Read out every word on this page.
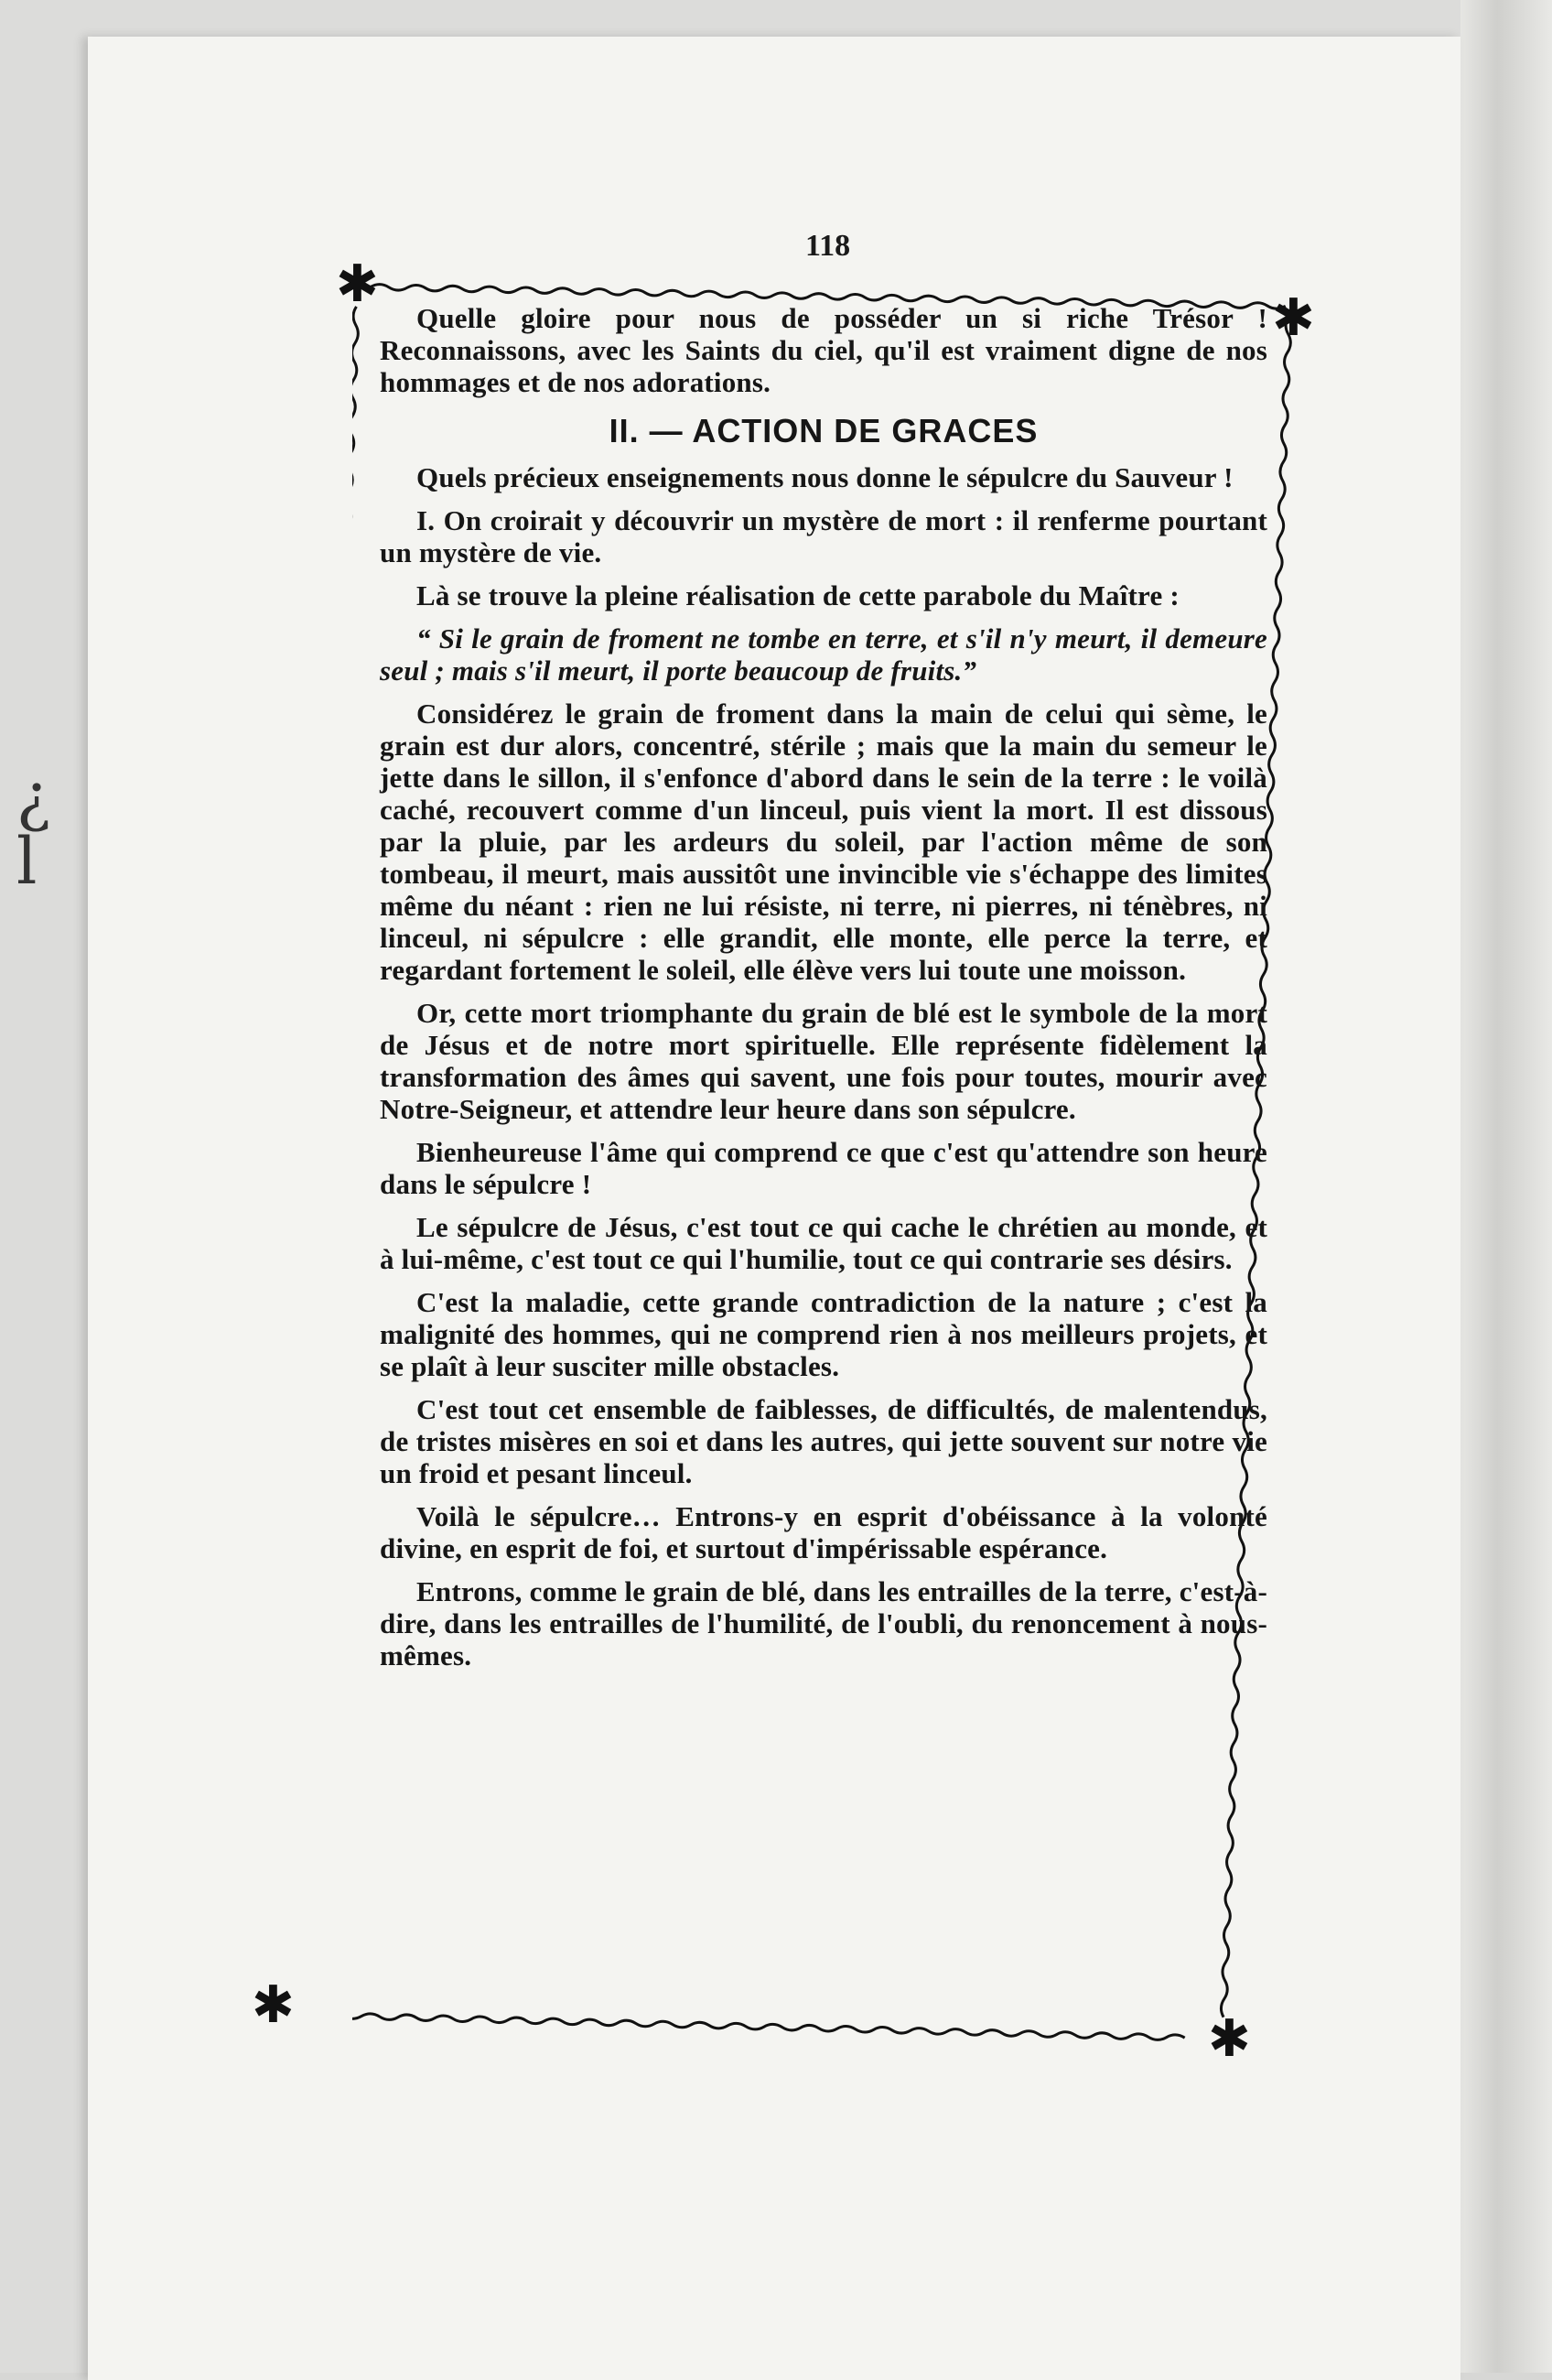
¿
l
118
✱
✱
✱
✱

Quelle gloire pour nous de posséder un si riche Trésor ! Reconnaissons, avec les Saints du ciel, qu'il est vraiment digne de nos hommages et de nos adorations.

II. — ACTION DE GRACES

Quels précieux enseignements nous donne le sépulcre du Sauveur !

I. On croirait y découvrir un mystère de mort : il renferme pourtant un mystère de vie.

Là se trouve la pleine réalisation de cette parabole du Maître :

“ Si le grain de froment ne tombe en terre, et s'il n'y meurt, il demeure seul ; mais s'il meurt, il porte beaucoup de fruits.”

Considérez le grain de froment dans la main de celui qui sème, le grain est dur alors, concentré, stérile ; mais que la main du semeur le jette dans le sillon, il s'enfonce d'abord dans le sein de la terre : le voilà caché, recouvert comme d'un linceul, puis vient la mort. Il est dissous par la pluie, par les ardeurs du soleil, par l'action même de son tombeau, il meurt, mais aussitôt une invincible vie s'échappe des limites même du néant : rien ne lui résiste, ni terre, ni pierres, ni ténèbres, ni linceul, ni sépulcre : elle grandit, elle monte, elle perce la terre, et regardant fortement le soleil, elle élève vers lui toute une moisson.

Or, cette mort triomphante du grain de blé est le symbole de la mort de Jésus et de notre mort spirituelle. Elle représente fidèlement la transformation des âmes qui savent, une fois pour toutes, mourir avec Notre-Seigneur, et attendre leur heure dans son sépulcre.

Bienheureuse l'âme qui comprend ce que c'est qu'attendre son heure dans le sépulcre !

Le sépulcre de Jésus, c'est tout ce qui cache le chrétien au monde, et à lui-même, c'est tout ce qui l'humilie, tout ce qui contrarie ses désirs.

C'est la maladie, cette grande contradiction de la nature ; c'est la malignité des hommes, qui ne comprend rien à nos meilleurs projets, et se plaît à leur susciter mille obstacles.

C'est tout cet ensemble de faiblesses, de difficultés, de malentendus, de tristes misères en soi et dans les autres, qui jette souvent sur notre vie un froid et pesant linceul.

Voilà le sépulcre… Entrons-y en esprit d'obéissance à la volonté divine, en esprit de foi, et surtout d'impérissable espérance.

Entrons, comme le grain de blé, dans les entrailles de la terre, c'est-à-dire, dans les entrailles de l'humilité, de l'oubli, du renoncement à nous-mêmes.
